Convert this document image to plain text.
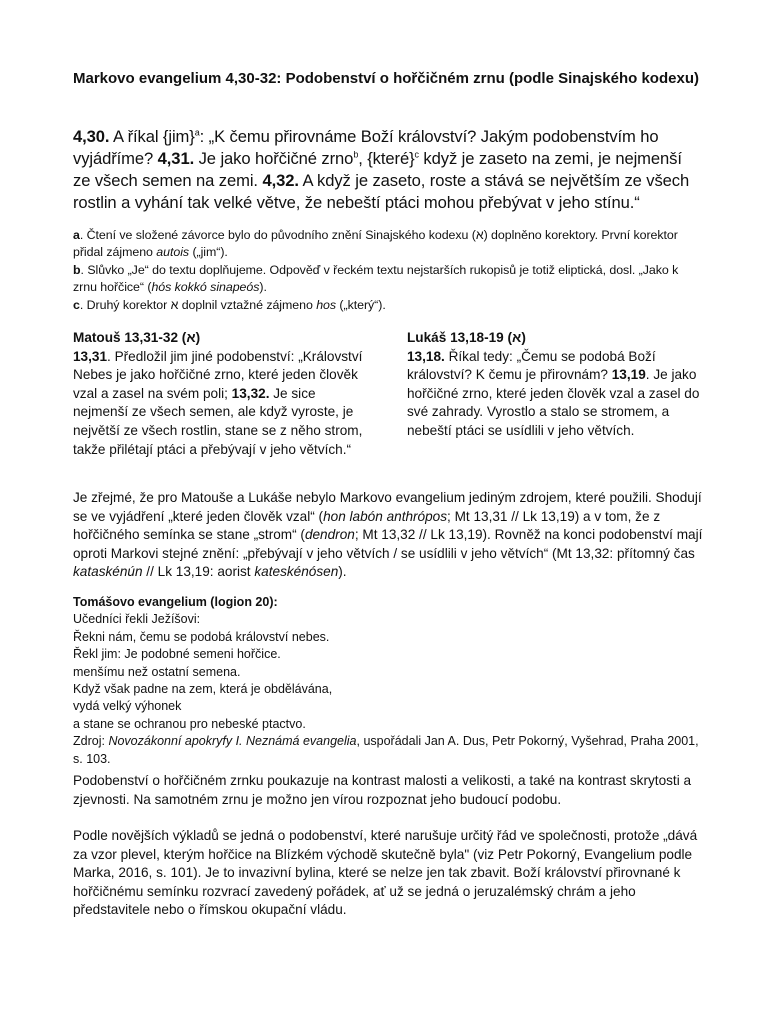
Markovo evangelium 4,30-32: Podobenství o hořčičném zrnu (podle Sinajského kodexu)
4,30. A říkal {jim}$^a$: „K čemu přirovnáme Boží království? Jakým podobenstvím ho vyjádříme? 4,31. Je jako hořčičné zrno$^b$, {které}$^c$ když je zaseto na zemi, je nejmenší ze všech semen na zemi. 4,32. A když je zaseto, roste a stává se největším ze všech rostlin a vyhání tak velké větve, že nebeští ptáci mohou přebývat v jeho stínu.“
a. Čtení ve složené závorce bylo do původního znění Sinajského kodexu (א) doplněno korektory. První korektor přidal zájmeno autois („jim“).
b. Slůvko „Je“ do textu doplňujeme. Odpověď v řeckém textu nejstarších rukopisů je totiž eliptická, dosl. „Jako k zrnu hořčice“ (hós kokkó sinapeós).
c. Druhý korektor א doplnil vztažné zájmeno hos („který“).
Matouš 13,31-32 (א)
13,31. Předložil jim jiné podobenství: „Království Nebes je jako hořčičné zrno, které jeden člověk vzal a zasel na svém poli; 13,32. Je sice nejmenší ze všech semen, ale když vyroste, je největší ze všech rostlin, stane se z něho strom, takže přilétají ptáci a přebývají v jeho větvích.“
Lukáš 13,18-19 (א)
13,18. Říkal tedy: „Čemu se podobá Boží království? K čemu je přirovnám? 13,19. Je jako hořčičné zrno, které jeden člověk vzal a zasel do své zahrady. Vyrostlo a stalo se stromem, a nebeští ptáci se usídlili v jeho větvích.
Je zřejmé, že pro Matouše a Lukáše nebylo Markovo evangelium jediným zdrojem, které použili. Shodují se ve vyjádření „které jeden člověk vzal“ (hon labón anthrópos; Mt 13,31 // Lk 13,19) a v tom, že z hořčičného semínka se stane „strom“ (dendron; Mt 13,32 // Lk 13,19). Rovněž na konci podobenství mají oproti Markovi stejné znění: „přebývají v jeho větvích / se usídlili v jeho větvích“ (Mt 13,32: přítomný čas kataskénún // Lk 13,19: aorist kateskénósen).
Tomášovo evangelium (logion 20):
Učedníci řekli Ježíšovi:
Řekni nám, čemu se podobá království nebes.
Řekl jim: Je podobné semeni hořčice.
menšímu než ostatní semena.
Když však padne na zem, která je obdělávána,
vydá velký výhonek
a stane se ochranou pro nebeské ptactvo.
Zdroj: Novozákonní apokryfy I. Neznámá evangelia, uspořádali Jan A. Dus, Petr Pokorný, Vyšehrad, Praha 2001, s. 103.
Podobenství o hořčičném zrnku poukazuje na kontrast malosti a velikosti, a také na kontrast skrytosti a zjevnosti. Na samotném zrnu je možno jen vírou rozpoznat jeho budoucí podobu.
Podle novějších výkladů se jedná o podobenství, které narušuje určitý řád ve společnosti, protože „dává za vzor plevel, kterým hořčice na Blízkém východě skutečně byla" (viz Petr Pokorný, Evangelium podle Marka, 2016, s. 101). Je to invazivní bylina, které se nelze jen tak zbavit. Boží království přirovnané k hořčičnému semínku rozvrací zavedený pořádek, ať už se jedná o jeruzalémský chrám a jeho představitele nebo o římskou okupační vládu.
